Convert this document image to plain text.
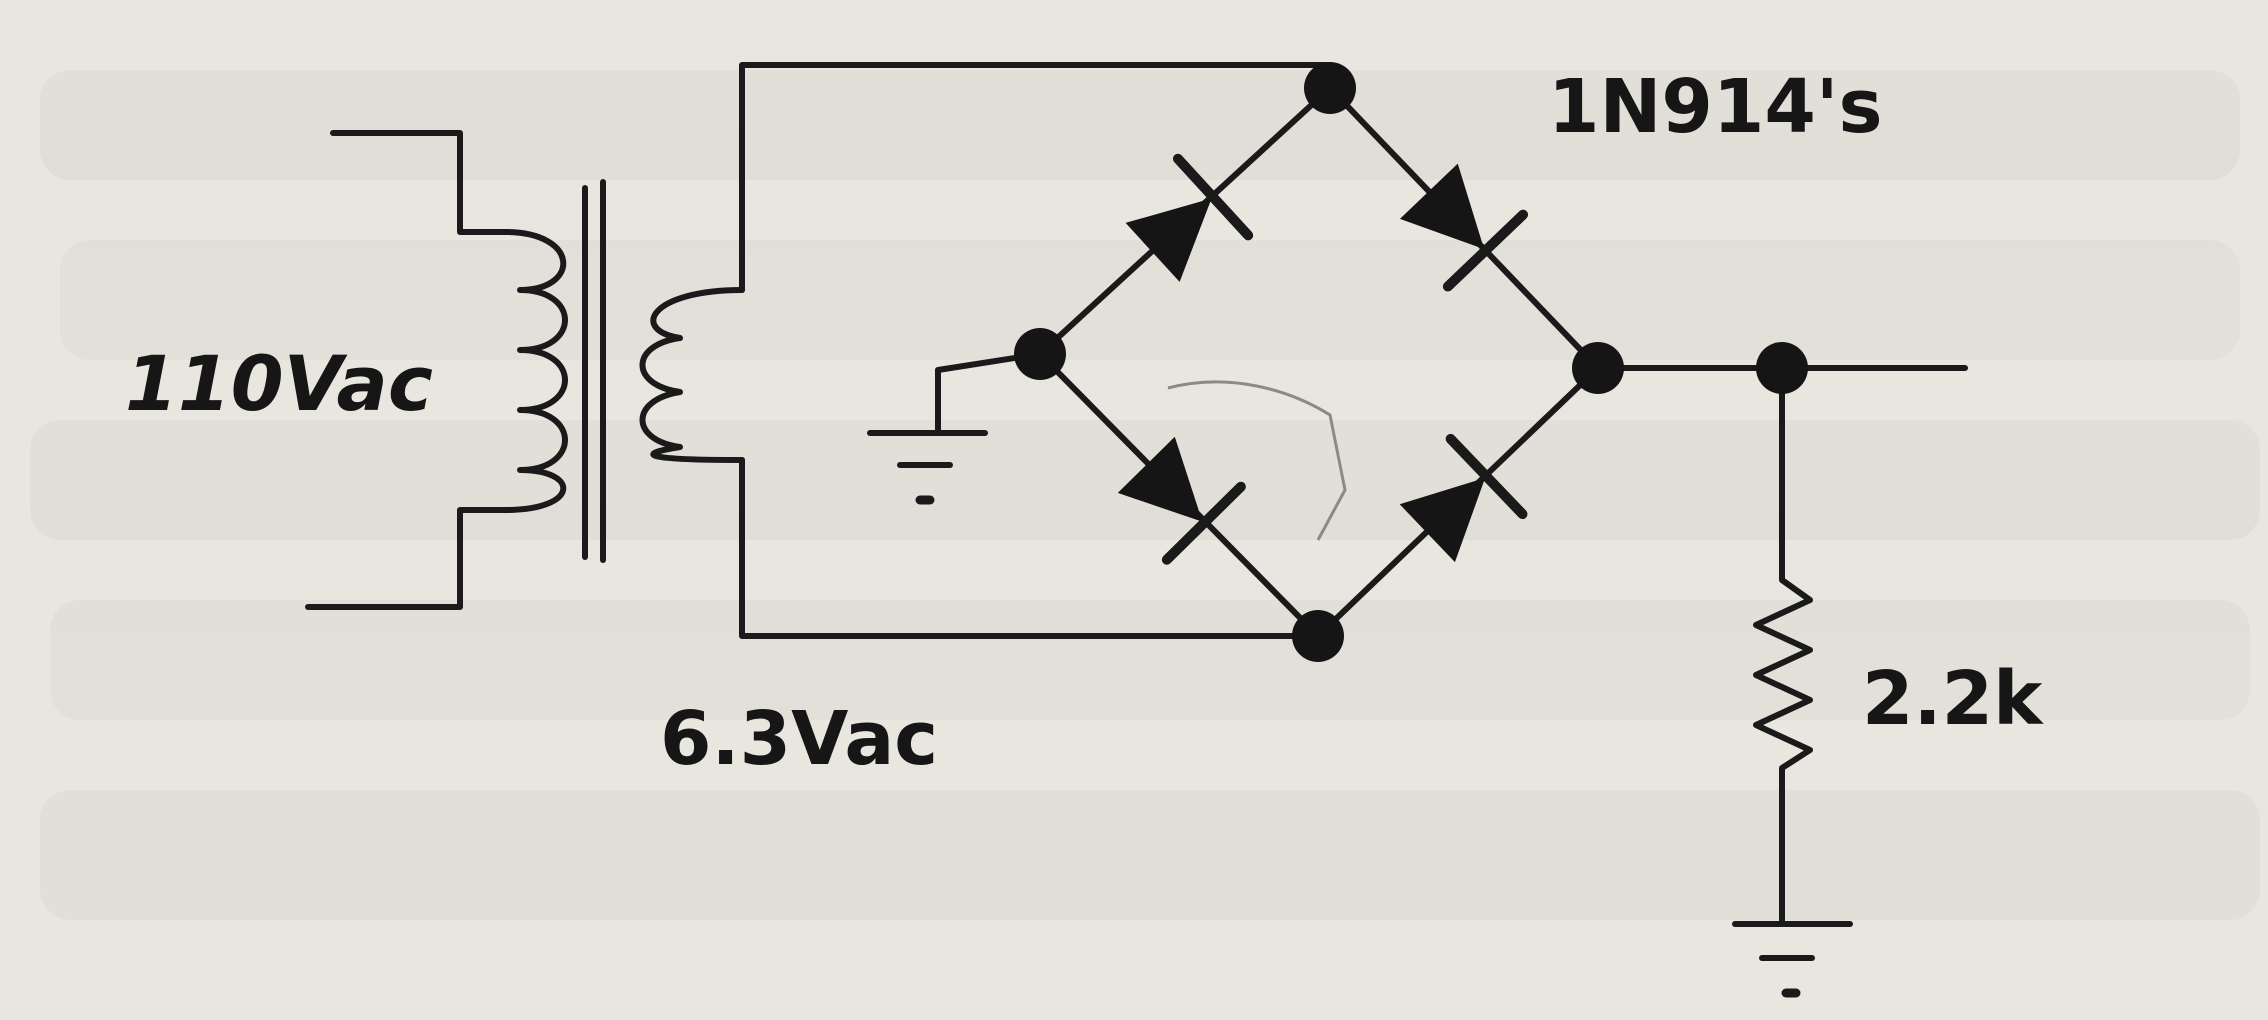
110Vac
6.3Vac
1N914's
2.2k
